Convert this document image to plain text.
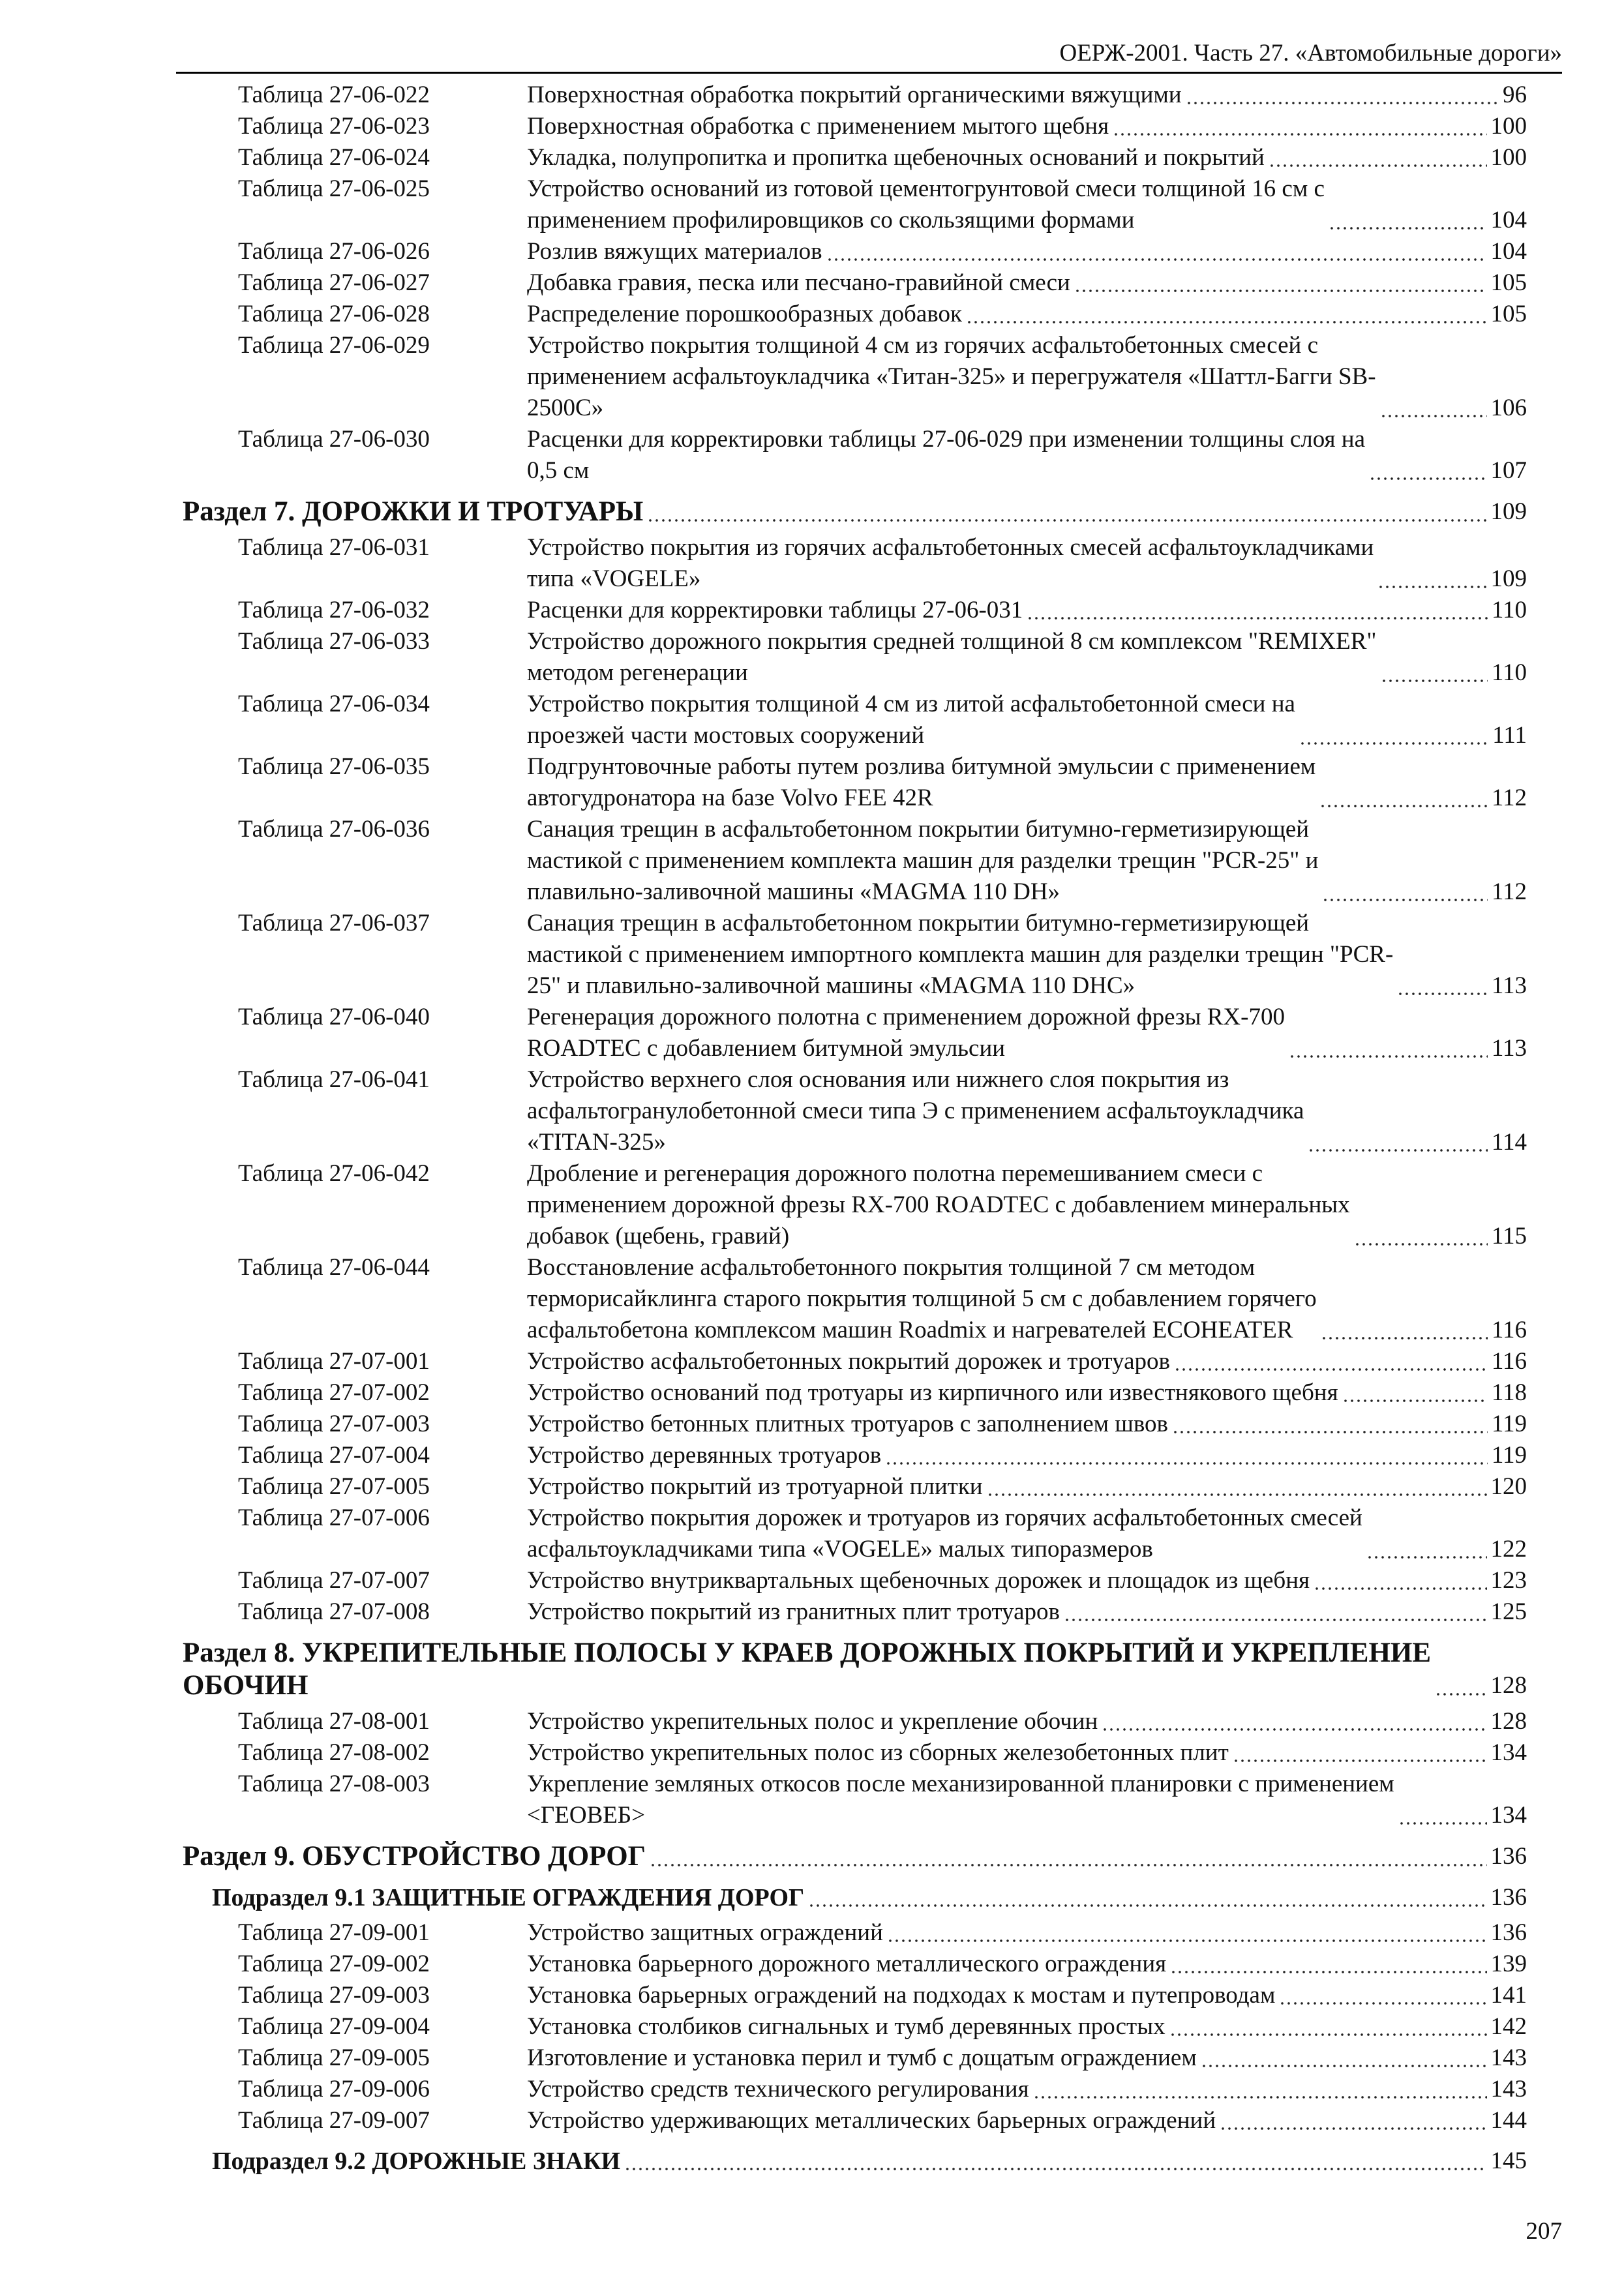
ОЕРЖ-2001. Часть 27. «Автомобильные дороги»
Таблица 27-06-022	Поверхностная обработка покрытий органическими вяжущими	96
Таблица 27-06-023	Поверхностная обработка с применением мытого щебня	100
Таблица 27-06-024	Укладка, полупропитка и пропитка щебеночных оснований и покрытий	100
Таблица 27-06-025	Устройство оснований из готовой цементогрунтовой смеси толщиной 16 см с
применением профилировщиков со скользящими формами	104
Таблица 27-06-026	Розлив вяжущих материалов	104
Таблица 27-06-027	Добавка гравия, песка или песчано-гравийной смеси	105
Таблица 27-06-028	Распределение порошкообразных добавок	105
Таблица 27-06-029	Устройство покрытия толщиной 4 см из горячих асфальтобетонных смесей с
применением асфальтоукладчика «Титан-325» и перегружателя «Шаттл-Багги SB-
2500С»	106
Таблица 27-06-030	Расценки для корректировки таблицы 27-06-029 при изменении толщины слоя на
0,5 см	107
Раздел 7. ДОРОЖКИ И ТРОТУАРЫ	109
Таблица 27-06-031	Устройство покрытия из горячих асфальтобетонных смесей асфальтоукладчиками
типа «VOGELE»	109
Таблица 27-06-032	Расценки для корректировки таблицы 27-06-031	110
Таблица 27-06-033	Устройство дорожного покрытия средней толщиной 8 см комплексом "REMIXER"
методом регенерации	110
Таблица 27-06-034	Устройство покрытия толщиной 4 см из литой асфальтобетонной смеси на
проезжей части мостовых сооружений	111
Таблица 27-06-035	Подгрунтовочные работы путем розлива битумной эмульсии с применением
автогудронатора на базе Volvo FEE 42R	112
Таблица 27-06-036	Санация трещин в асфальтобетонном покрытии битумно-герметизирующей
мастикой с применением комплекта машин для разделки трещин "PCR-25" и
плавильно-заливочной машины «MAGMA 110 DH»	112
Таблица 27-06-037	Санация трещин в асфальтобетонном покрытии битумно-герметизирующей
мастикой с применением импортного комплекта машин для разделки трещин "PCR-
25" и плавильно-заливочной машины «MAGMA 110 DHC»	113
Таблица 27-06-040	Регенерация дорожного полотна с применением дорожной фрезы RX-700
ROADTEC с добавлением битумной эмульсии	113
Таблица 27-06-041	Устройство верхнего слоя основания или нижнего слоя покрытия из
асфальтогранулобетонной смеси типа Э с применением асфальтоукладчика
«TITAN-325»	114
Таблица 27-06-042	Дробление и регенерация дорожного полотна перемешиванием смеси с
применением дорожной фрезы RX-700 ROADTEC с добавлением минеральных
добавок (щебень, гравий)	115
Таблица 27-06-044	Восстановление асфальтобетонного покрытия толщиной 7 см методом
терморисайклинга старого покрытия толщиной 5 см с добавлением горячего
асфальтобетона комплексом машин Roadmix и нагревателей ECOHEATER	116
Таблица 27-07-001	Устройство асфальтобетонных покрытий дорожек и тротуаров	116
Таблица 27-07-002	Устройство оснований под тротуары из кирпичного или известнякового щебня	118
Таблица 27-07-003	Устройство бетонных плитных тротуаров с заполнением швов	119
Таблица 27-07-004	Устройство деревянных тротуаров	119
Таблица 27-07-005	Устройство покрытий из тротуарной плитки	120
Таблица 27-07-006	Устройство покрытия дорожек и тротуаров из горячих асфальтобетонных смесей
асфальтоукладчиками типа «VOGELE» малых типоразмеров	122
Таблица 27-07-007	Устройство внутриквартальных щебеночных дорожек и площадок из щебня	123
Таблица 27-07-008	Устройство покрытий из гранитных плит тротуаров	125
Раздел 8. УКРЕПИТЕЛЬНЫЕ ПОЛОСЫ У КРАЕВ ДОРОЖНЫХ ПОКРЫТИЙ И УКРЕПЛЕНИЕ
ОБОЧИН	128
Таблица 27-08-001	Устройство укрепительных полос и укрепление обочин	128
Таблица 27-08-002	Устройство укрепительных полос из сборных железобетонных плит	134
Таблица 27-08-003	Укрепление земляных откосов после механизированной планировки с применением
<ГЕОВЕБ>	134
Раздел 9. ОБУСТРОЙСТВО ДОРОГ	136
Подраздел 9.1 ЗАЩИТНЫЕ ОГРАЖДЕНИЯ ДОРОГ	136
Таблица 27-09-001	Устройство защитных ограждений	136
Таблица 27-09-002	Установка барьерного дорожного металлического ограждения	139
Таблица 27-09-003	Установка барьерных ограждений на подходах к мостам и путепроводам	141
Таблица 27-09-004	Установка столбиков сигнальных и тумб деревянных простых	142
Таблица 27-09-005	Изготовление и установка перил и тумб с дощатым ограждением	143
Таблица 27-09-006	Устройство средств технического регулирования	143
Таблица 27-09-007	Устройство удерживающих металлических барьерных ограждений	144
Подраздел 9.2 ДОРОЖНЫЕ ЗНАКИ	145
207
